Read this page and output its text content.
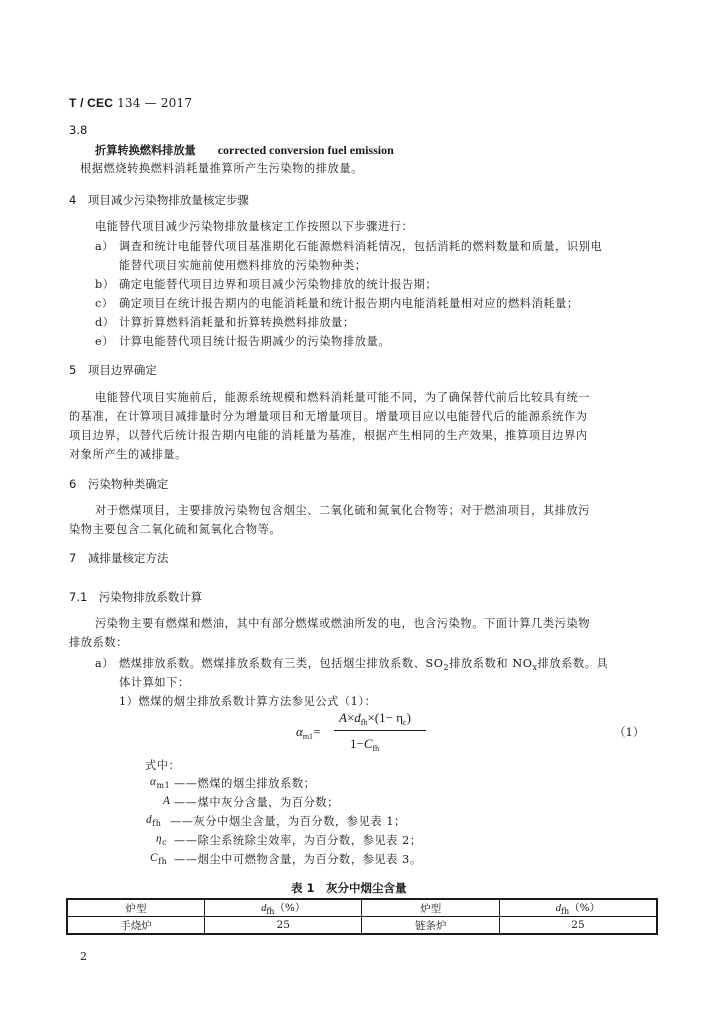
T / CEC 134 — 2017
3.8
折算转换燃料排放量 corrected conversion fuel emission
根据燃烧转换燃料消耗量推算所产生污染物的排放量。
4　项目减少污染物排放量核定步骤
电能替代项目减少污染物排放量核定工作按照以下步骤进行：
a） 调查和统计电能替代项目基准期化石能源燃料消耗情况，包括消耗的燃料数量和质量，识别电
能替代项目实施前使用燃料排放的污染物种类；
b） 确定电能替代项目边界和项目减少污染物排放的统计报告期；
c） 确定项目在统计报告期内的电能消耗量和统计报告期内电能消耗量相对应的燃料消耗量；
d） 计算折算燃料消耗量和折算转换燃料排放量；
e） 计算电能替代项目统计报告期减少的污染物排放量。
5　项目边界确定
电能替代项目实施前后，能源系统规模和燃料消耗量可能不同，为了确保替代前后比较具有统一
的基准，在计算项目减排量时分为增量项目和无增量项目。增量项目应以电能替代后的能源系统作为
项目边界，以替代后统计报告期内电能的消耗量为基准，根据产生相同的生产效果，推算项目边界内
对象所产生的减排量。
6　污染物种类确定
对于燃煤项目，主要排放污染物包含烟尘、二氧化硫和氮氧化合物等；对于燃油项目，其排放污
染物主要包含二氧化硫和氮氧化合物等。
7　减排量核定方法
7.1　污染物排放系数计算
污染物主要有燃煤和燃油，其中有部分燃煤或燃油所发的电，也含污染物。下面计算几类污染物
排放系数：
a） 燃煤排放系数。燃煤排放系数有三类，包括烟尘排放系数、$SO_2$排放系数和 $NO_x$排放系数。具
体计算如下：
1）燃煤的烟尘排放系数计算方法参见公式（1）：
$\alpha_{m1}=$
$A\times d_{fh}\times(1- \eta_c)$
$1-C_{fh}$
（1）
式中：
$\alpha_{m1}$ ——燃煤的烟尘排放系数；
A ——煤中灰分含量，为百分数；
$d_{fh}$ ——灰分中烟尘含量，为百分数，参见表 1；
$\eta_c$ ——除尘系统除尘效率，为百分数，参见表 2；
$C_{fh}$ ——烟尘中可燃物含量，为百分数，参见表 3。
表 1　灰分中烟尘含量
炉型	$d_{fh}(\%)$	炉型	$d_{fh}(\%)$
手烧炉	25	链条炉	25
2
